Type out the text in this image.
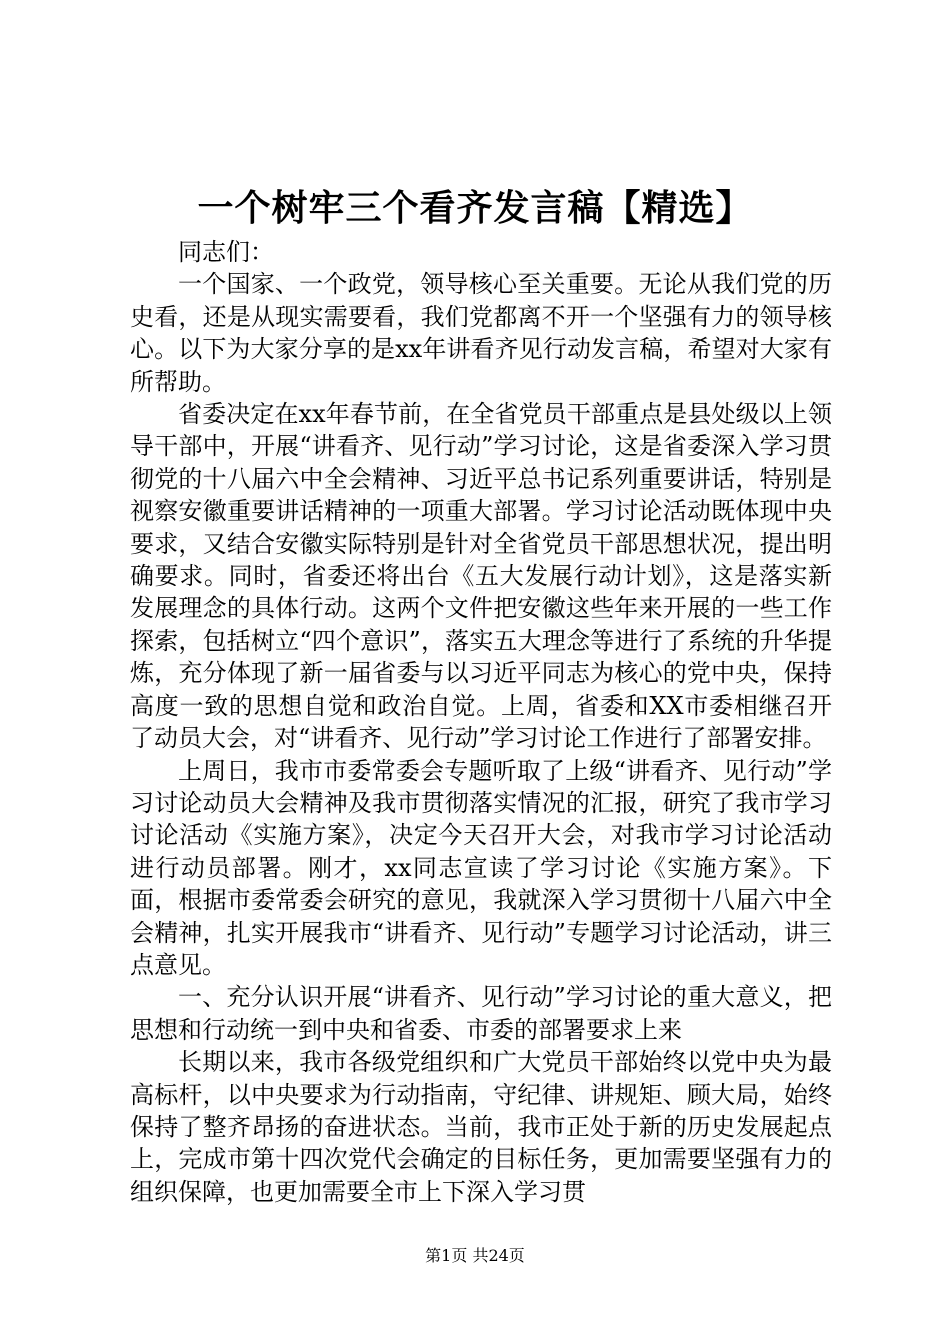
一个树牢三个看齐发言稿【精选】

同志们：

一个国家、一个政党，领导核心至关重要。无论从我们党的历史看，还是从现实需要看，我们党都离不开一个坚强有力的领导核心。以下为大家分享的是xx年讲看齐见行动发言稿，希望对大家有所帮助。

省委决定在xx年春节前，在全省党员干部重点是县处级以上领导干部中，开展“讲看齐、见行动”学习讨论，这是省委深入学习贯彻党的十八届六中全会精神、习近平总书记系列重要讲话，特别是视察安徽重要讲话精神的一项重大部署。学习讨论活动既体现中央要求，又结合安徽实际特别是针对全省党员干部思想状况，提出明确要求。同时，省委还将出台《五大发展行动计划》，这是落实新发展理念的具体行动。这两个文件把安徽这些年来开展的一些工作探索，包括树立“四个意识”，落实五大理念等进行了系统的升华提炼，充分体现了新一届省委与以习近平同志为核心的党中央，保持高度一致的思想自觉和政治自觉。上周，省委和XX市委相继召开了动员大会，对“讲看齐、见行动”学习讨论工作进行了部署安排。

上周日，我市市委常委会专题听取了上级“讲看齐、见行动”学习讨论动员大会精神及我市贯彻落实情况的汇报，研究了我市学习讨论活动《实施方案》，决定今天召开大会，对我市学习讨论活动进行动员部署。刚才，xx同志宣读了学习讨论《实施方案》。下面，根据市委常委会研究的意见，我就深入学习贯彻十八届六中全会精神，扎实开展我市“讲看齐、见行动”专题学习讨论活动，讲三点意见。

一、充分认识开展“讲看齐、见行动”学习讨论的重大意义，把思想和行动统一到中央和省委、市委的部署要求上来

长期以来，我市各级党组织和广大党员干部始终以党中央为最高标杆，以中央要求为行动指南，守纪律、讲规矩、顾大局，始终保持了整齐昂扬的奋进状态。当前，我市正处于新的历史发展起点上，完成市第十四次党代会确定的目标任务，更加需要坚强有力的组织保障，也更加需要全市上下深入学习贯

第1页 共24页
